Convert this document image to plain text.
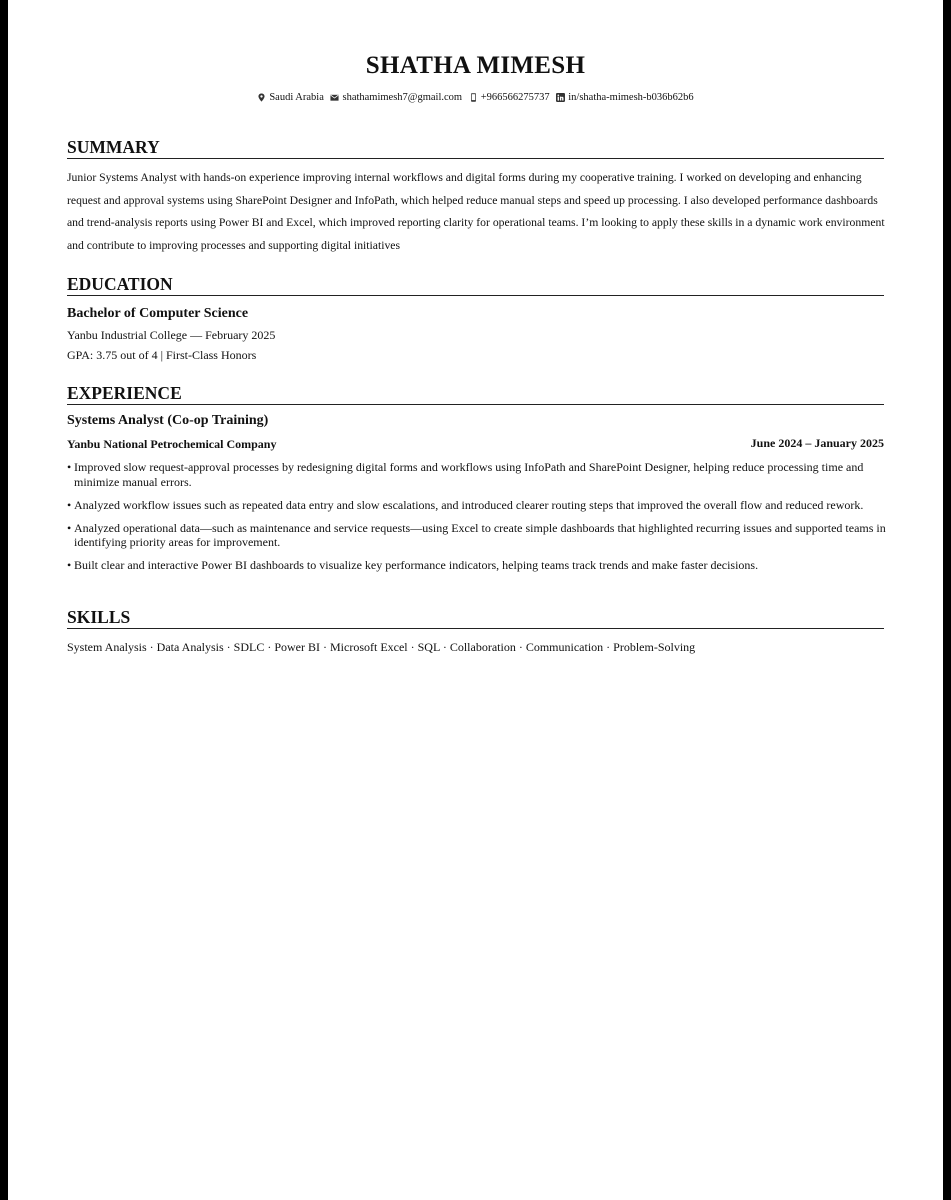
SHATHA MIMESH
Saudi Arabia shathamimesh7@gmail.com +966566275737 in/shatha-mimesh-b036b62b6
SUMMARY
Junior Systems Analyst with hands-on experience improving internal workflows and digital forms during my cooperative training. I worked on developing and enhancing request and approval systems using SharePoint Designer and InfoPath, which helped reduce manual steps and speed up processing. I also developed performance dashboards and trend-analysis reports using Power BI and Excel, which improved reporting clarity for operational teams. I’m looking to apply these skills in a dynamic work environment and contribute to improving processes and supporting digital initiatives
EDUCATION
Bachelor of Computer Science
Yanbu Industrial College — February 2025
GPA: 3.75 out of 4 | First-Class Honors
EXPERIENCE
Systems Analyst (Co-op Training)
Yanbu National Petrochemical Company	June 2024 – January 2025
• Improved slow request-approval processes by redesigning digital forms and workflows using InfoPath and SharePoint Designer, helping reduce processing time and minimize manual errors.
• Analyzed workflow issues such as repeated data entry and slow escalations, and introduced clearer routing steps that improved the overall flow and reduced rework.
• Analyzed operational data—such as maintenance and service requests—using Excel to create simple dashboards that highlighted recurring issues and supported teams in identifying priority areas for improvement.
• Built clear and interactive Power BI dashboards to visualize key performance indicators, helping teams track trends and make faster decisions.
SKILLS
System Analysis · Data Analysis · SDLC · Power BI · Microsoft Excel · SQL · Collaboration · Communication · Problem-Solving
